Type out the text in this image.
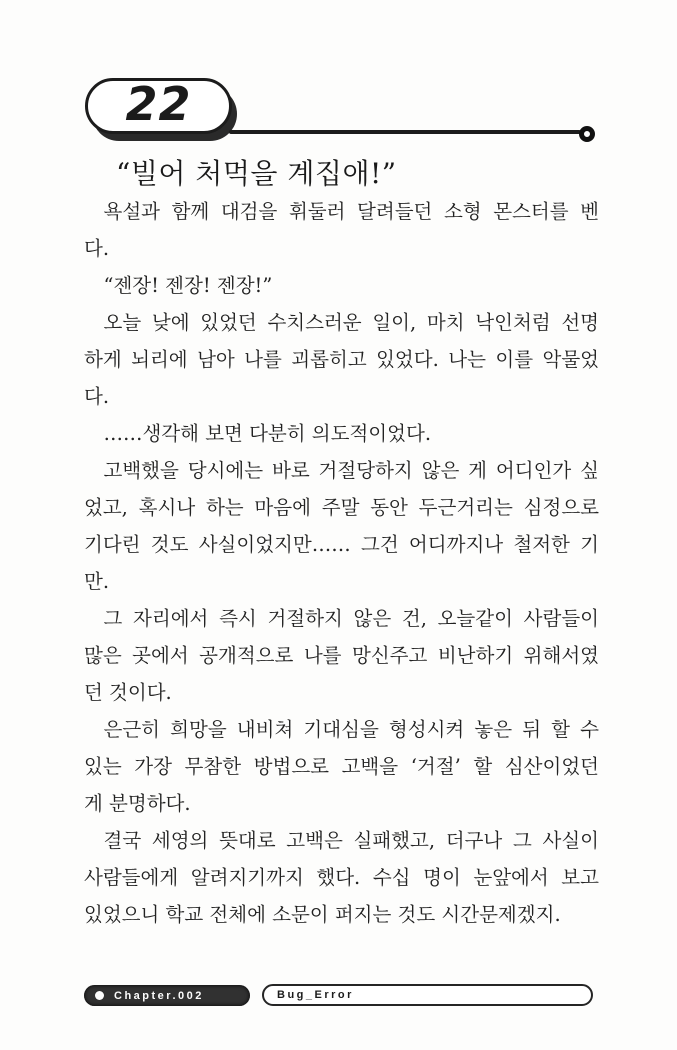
22
“빌어 처먹을 계집애!”
욕설과 함께 대검을 휘둘러 달려들던 소형 몬스터를 벤
다.
“젠장! 젠장! 젠장!”
오늘 낮에 있었던 수치스러운 일이, 마치 낙인처럼 선명
하게 뇌리에 남아 나를 괴롭히고 있었다. 나는 이를 악물었
다.
……생각해 보면 다분히 의도적이었다.
고백했을 당시에는 바로 거절당하지 않은 게 어디인가 싶
었고, 혹시나 하는 마음에 주말 동안 두근거리는 심정으로
기다린 것도 사실이었지만…… 그건 어디까지나 철저한 기
만.
그 자리에서 즉시 거절하지 않은 건, 오늘같이 사람들이
많은 곳에서 공개적으로 나를 망신주고 비난하기 위해서였
던 것이다.
은근히 희망을 내비쳐 기대심을 형성시켜 놓은 뒤 할 수
있는 가장 무참한 방법으로 고백을 ‘거절’ 할 심산이었던
게 분명하다.
결국 세영의 뜻대로 고백은 실패했고, 더구나 그 사실이
사람들에게 알려지기까지 했다. 수십 명이 눈앞에서 보고
있었으니 학교 전체에 소문이 퍼지는 것도 시간문제겠지.
Chapter.002	Bug_Error
